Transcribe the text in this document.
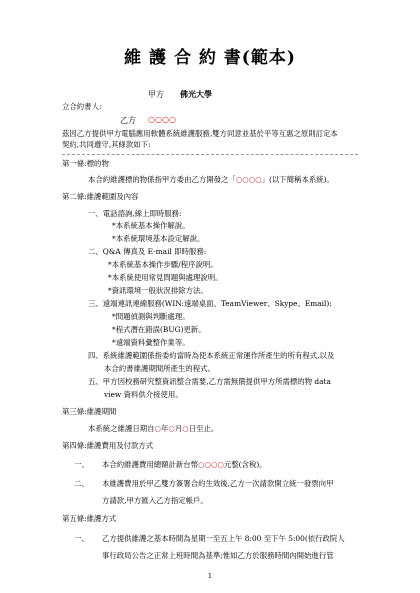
維 護 合 約 書(範本)
甲方 佛光大學
立合約書人:
乙方 ○○○○
茲因乙方提供甲方電腦應用軟體系統維護服務,雙方同意並基於平等互惠之原則訂定本
契約,共同遵守,其條款如下:
第一條:標的物
本合約維護標的物係指甲方委由乙方開發之「○○○○」(以下簡稱本系統)。
第二條:維護範圍及內容
一、電話諮詢,線上即時服務:
*本系統基本操作解說。
*本系統環境基本設定解說。
二、Q&A 傳真及 E-mail 即時服務:
*本系統基本操作步驟/程序說明。
*本系統使用常見問題與處理說明。
*資訊環境一般狀況排除方法。
三、遠端連訊連線服務(WIN:遠端桌面、TeamViewer、Skype、Email):
*問題偵測與判斷處理。
*程式潛在錯誤(BUG)更新。
*遠端資料彙整作業等。
四、系統維護範圍係指委約當時為使本系統正常運作所產生的所有程式,以及
本合約書維護期間所產生的程式。
五、甲方因校務研究整資訊整合需要,乙方需無償提供甲方所需標的物 data
view 資料供介接使用。
第三條:維護期間
本系統之維護日期自○年○月○日至止。
第四條:維護費用及付款方式
一、 本合約維護費用總額計新台幣○○○○元整(含稅)。
二、 本維護費用於甲乙雙方簽署合約生效後,乙方一次請款開立統一發票向甲
方請款,甲方匯入乙方指定帳戶。
第五條:維護方式
一、 乙方提供維護之基本時間為星期一至五上午 8:00 至下午 5:00(依行政院人
事行政局公告之正常上班時間為基準;惟如乙方於服務時間內開始進行管
1
